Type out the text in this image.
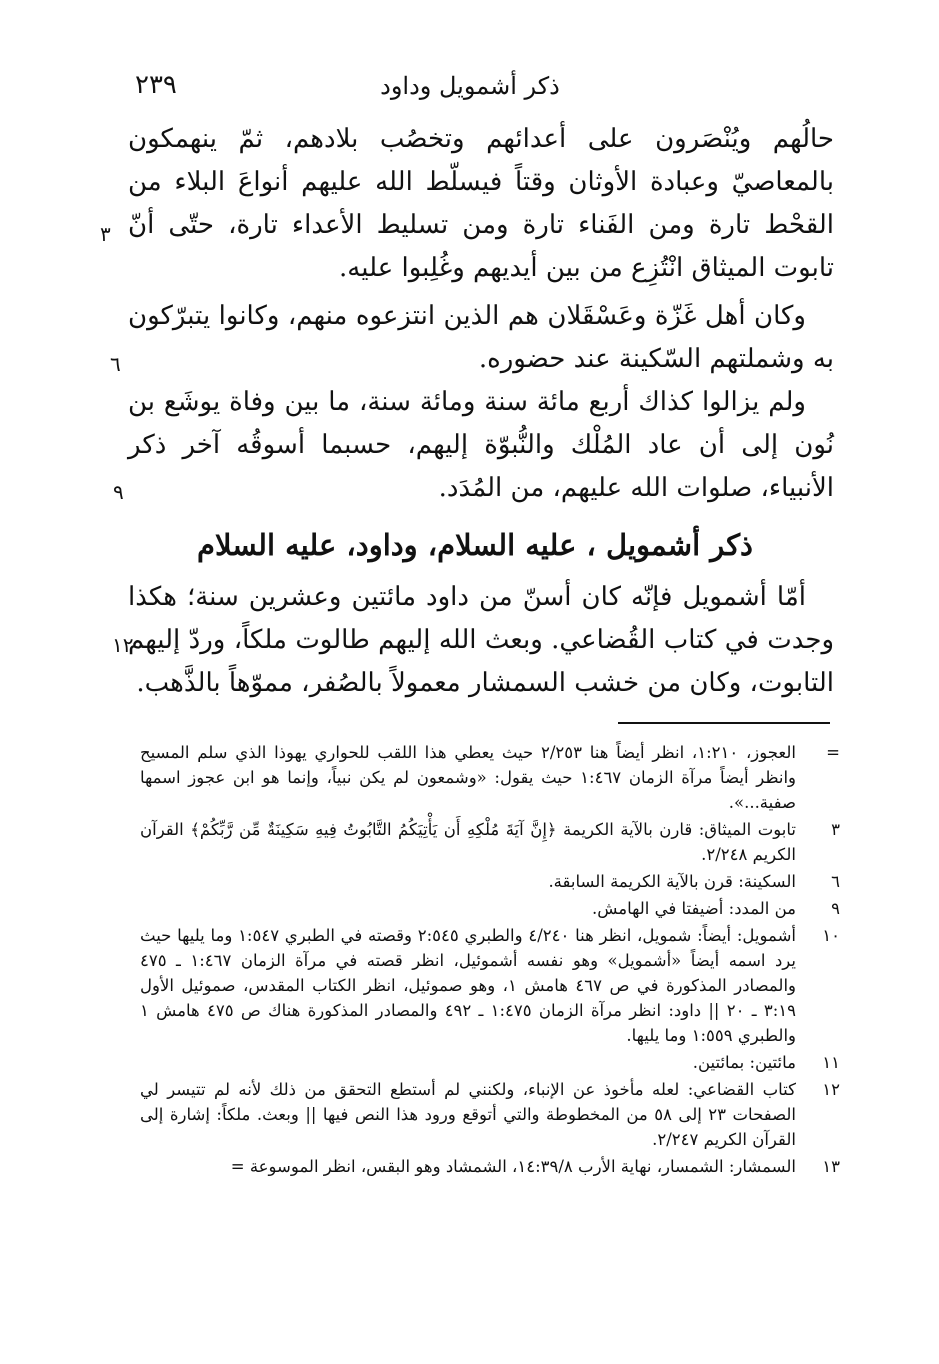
ذكر أشمويل وداود
٢٣٩

حالُهم ويُنْصَرون على أعدائهم وتخصُب بلادهم، ثمّ ينهمكون بالمعاصيّ وعبادة الأوثان وقتاً فيسلّط الله عليهم أنواعَ البلاء من القحْط تارة ومن الفَناء تارة ومن تسليط الأعداء تارة، حتّى أنّ تابوت الميثاق انْتُزِع من بين أيديهم وغُلِبوا عليه.

وكان أهل غَزّة وعَسْقَلان هم الذين انتزعوه منهم، وكانوا يتبرّكون به وشملتهم السّكينة عند حضوره.

ولم يزالوا كذاك أربع مائة سنة ومائة سنة، ما بين وفاة يوشَع بن نُون إلى أن عاد المُلْك والنُّبوّة إليهم، حسبما أسوقُه آخر ذكر الأنبياء، صلوات الله عليهم، من المُدَد.

ذكر أشمويل ، عليه السلام، وداود، عليه السلام

أمّا أشمويل فإنّه كان أسنّ من داود مائتين وعشرين سنة؛ هكذا وجدت في كتاب القُضاعي. وبعث الله إليهم طالوت ملكاً، وردّ إليهم التابوت، وكان من خشب السمشار معمولاً بالصُفر، مموّهاً بالذَّهب.

٣
٦
٩
١٢
=
العجوز، ١:٢١٠، انظر أيضاً هنا ٢/٢٥٣ حيث يعطي هذا اللقب للحواري يهوذا الذي سلم المسيح وانظر أيضاً مرآة الزمان ١:٤٦٧ حيث يقول: «وشمعون لم يكن نبياً، وإنما هو ابن عجوز اسمها صفية...».
٣
تابوت الميثاق: قارن بالآية الكريمة ﴿إِنَّ آيَةَ مُلْكِهِ أَن يَأْتِيَكُمُ التَّابُوتُ فِيهِ سَكِينَةٌ مِّن رَّبِّكُمْ﴾ القرآن الكريم ٢/٢٤٨.
٦
السكينة: قرن بالآية الكريمة السابقة.
٩
من المدد: أضيفتا في الهامش.
١٠
أشمويل: أيضاً: شمويل، انظر هنا ٤/٢٤٠ والطبري ٢:٥٤٥ وقصته في الطبري ١:٥٤٧ وما يليها حيث يرد اسمه أيضاً «أشمويل» وهو نفسه أشموئيل، انظر قصته في مرآة الزمان ١:٤٦٧ ـ ٤٧٥ والمصادر المذكورة في ص ٤٦٧ هامش ١، وهو صموئيل، انظر الكتاب المقدس، صموئيل الأول ٣:١٩ ـ ٢٠ || داود: انظر مرآة الزمان ١:٤٧٥ ـ ٤٩٢ والمصادر المذكورة هناك ص ٤٧٥ هامش ١ والطبري ١:٥٥٩ وما يليها.
١١
مائتين: بمائتين.
١٢
كتاب القضاعي: لعله مأخوذ عن الإنباء، ولكنني لم أستطع التحقق من ذلك لأنه لم تتيسر لي الصفحات ٢٣ إلى ٥٨ من المخطوطة والتي أتوقع ورود هذا النص فيها || وبعث. ملكاً: إشارة إلى القرآن الكريم ٢/٢٤٧.
١٣
السمشار: الشمسار، نهاية الأرب ١٤:٣٩/٨، الشمشاد وهو البقس، انظر الموسوعة =
